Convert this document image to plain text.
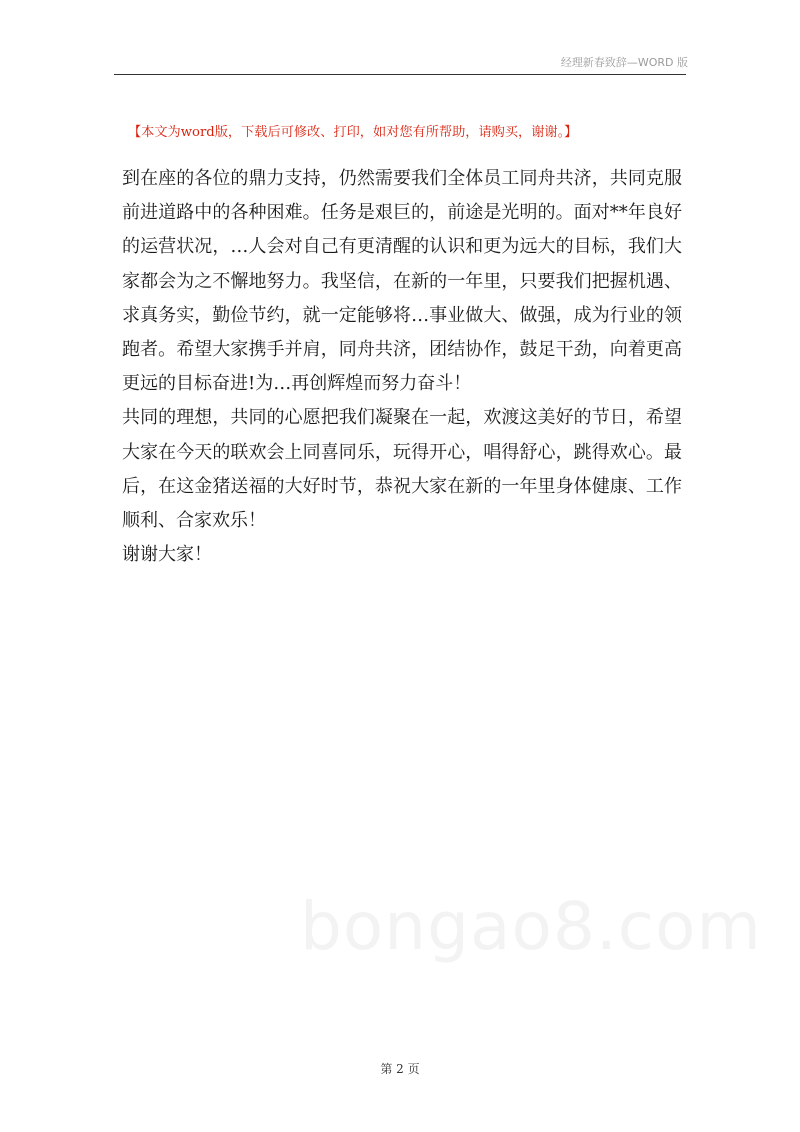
经理新春致辞—WORD 版
【本文为word版，下载后可修改、打印，如对您有所帮助，请购买，谢谢。】

到在座的各位的鼎力支持，仍然需要我们全体员工同舟共济，共同克服前进道路中的各种困难。任务是艰巨的，前途是光明的。面对**年良好的运营状况，…人会对自己有更清醒的认识和更为远大的目标，我们大家都会为之不懈地努力。我坚信，在新的一年里，只要我们把握机遇、求真务实，勤俭节约，就一定能够将…事业做大、做强，成为行业的领跑者。希望大家携手并肩，同舟共济，团结协作，鼓足干劲，向着更高更远的目标奋进!为…再创辉煌而努力奋斗！

共同的理想，共同的心愿把我们凝聚在一起，欢渡这美好的节日，希望大家在今天的联欢会上同喜同乐，玩得开心，唱得舒心，跳得欢心。最后，在这金猪送福的大好时节，恭祝大家在新的一年里身体健康、工作顺利、合家欢乐！

谢谢大家！

第 2 页
